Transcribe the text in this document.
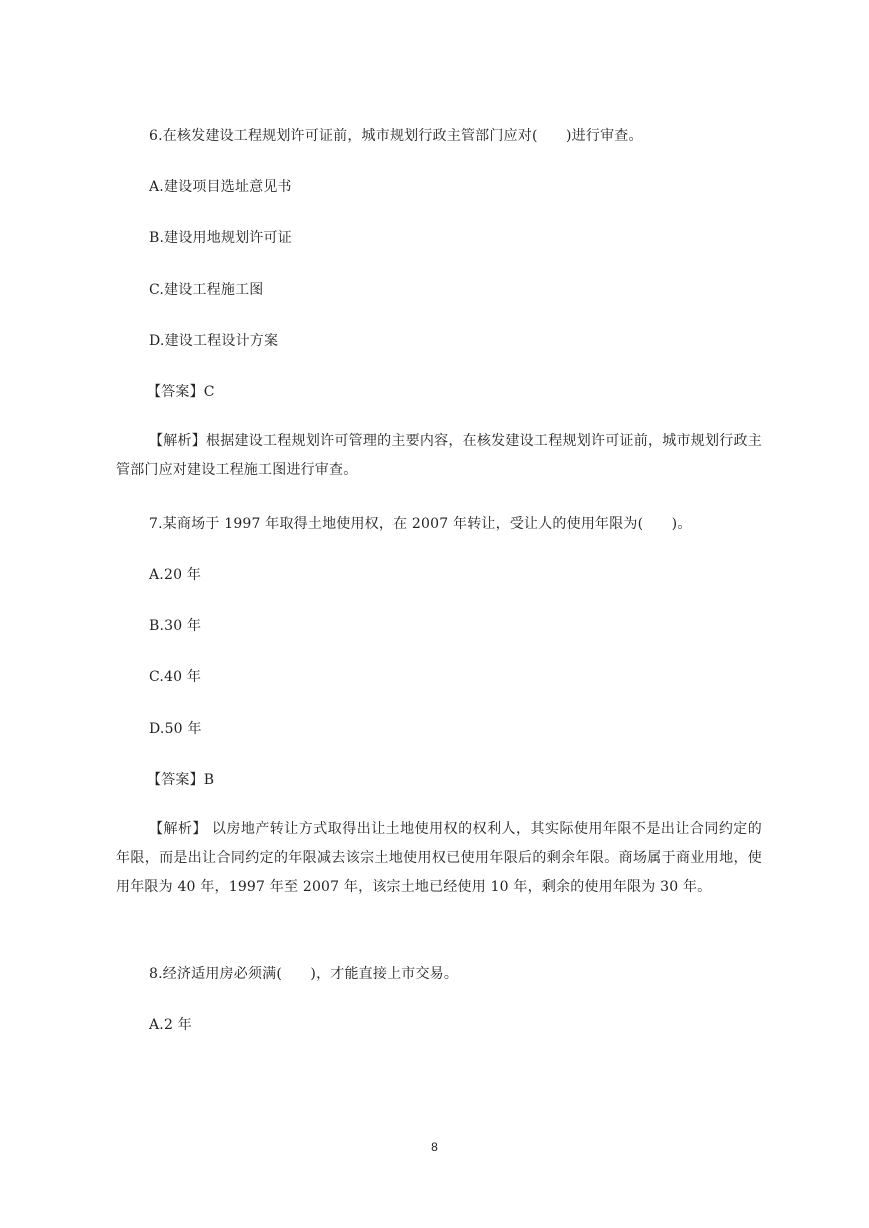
6.在核发建设工程规划许可证前，城市规划行政主管部门应对(　　)进行审查。
A.建设项目选址意见书
B.建设用地规划许可证
C.建设工程施工图
D.建设工程设计方案
【答案】C
【解析】根据建设工程规划许可管理的主要内容，在核发建设工程规划许可证前，城市规划行政主管部门应对建设工程施工图进行审查。
7.某商场于 1997 年取得土地使用权，在 2007 年转让，受让人的使用年限为(　　)。
A.20 年
B.30 年
C.40 年
D.50 年
【答案】B
【解析】 以房地产转让方式取得出让土地使用权的权利人，其实际使用年限不是出让合同约定的年限，而是出让合同约定的年限减去该宗土地使用权已使用年限后的剩余年限。商场属于商业用地，使用年限为 40 年，1997 年至 2007 年，该宗土地已经使用 10 年，剩余的使用年限为 30 年。
8.经济适用房必须满(　　)，才能直接上市交易。
A.2 年
8
